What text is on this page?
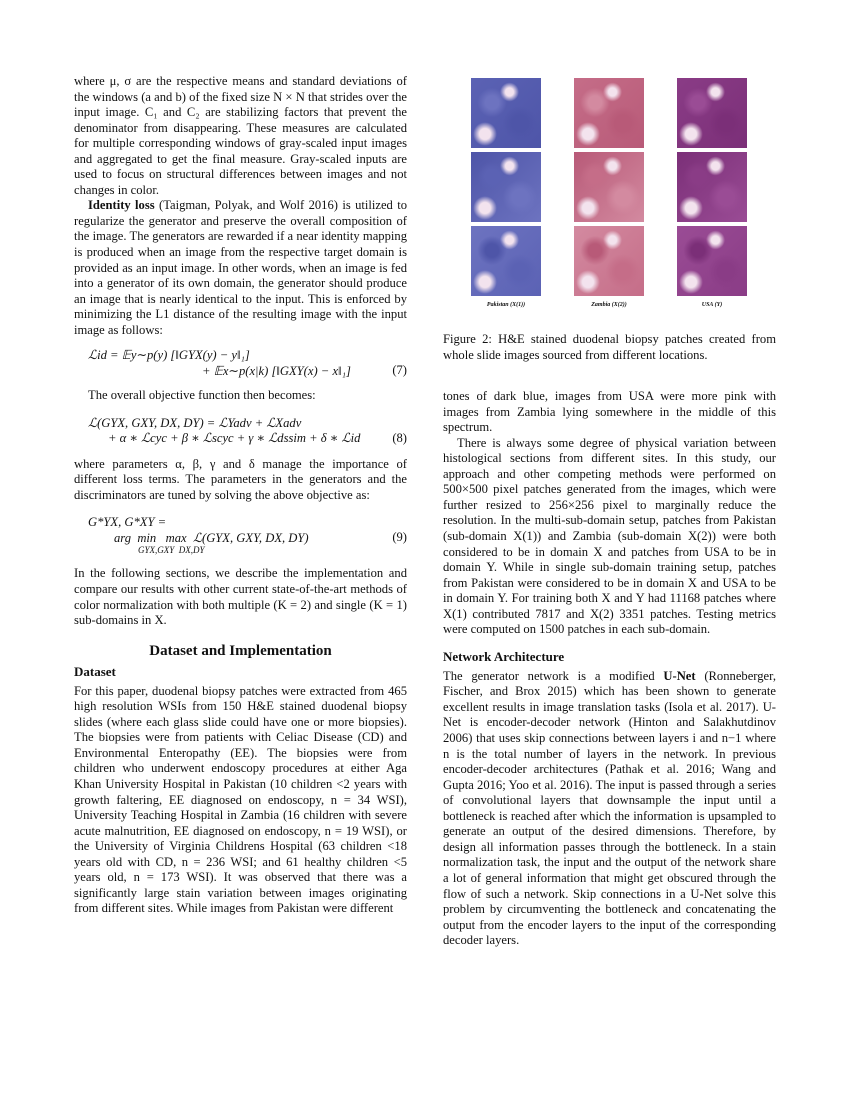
where μ, σ are the respective means and standard deviations of the windows (a and b) of the fixed size N × N that strides over the input image. C₁ and C₂ are stabilizing factors that prevent the denominator from disappearing. These measures are calculated for multiple corresponding windows of gray-scaled input images and aggregated to get the final measure. Gray-scaled inputs are used to focus on structural differences between images and not changes in color.

Identity loss (Taigman, Polyak, and Wolf 2016) is utilized to regularize the generator and preserve the overall composition of the image. The generators are rewarded if a near identity mapping is produced when an image from the respective target domain is provided as an input image. In other words, when an image is fed into a generator of its own domain, the generator should produce an image that is nearly identical to the input. This is enforced by minimizing the L1 distance of the resulting image with the input image as follows:

ℒid = 𝔼y∼p(y) [‖GYX(y) − y‖₁]
+ 𝔼x∼p(x|k) [‖GXY(x) − x‖₁]	(7)

The overall objective function then becomes:

ℒ(GYX, GXY, DX, DY) = ℒYadv + ℒXadv
+ α ∗ ℒcyc + β ∗ ℒscyc + γ ∗ ℒdssim + δ ∗ ℒid	(8)

where parameters α, β, γ and δ manage the importance of different loss terms. The parameters in the generators and the discriminators are tuned by solving the above objective as:

G*YX, G*XY =
arg  min   max  ℒ(GYX, GXY, DX, DY)
GYX,GXY  DX,DY
(9)

In the following sections, we describe the implementation and compare our results with other current state-of-the-art methods of color normalization with both multiple (K = 2) and single (K = 1) sub-domains in X.

Dataset and Implementation
Dataset

For this paper, duodenal biopsy patches were extracted from 465 high resolution WSIs from 150 H&E stained duodenal biopsy slides (where each glass slide could have one or more biopsies). The biopsies were from patients with Celiac Disease (CD) and Environmental Enteropathy (EE). The biopsies were from children who underwent endoscopy procedures at either Aga Khan University Hospital in Pakistan (10 children <2 years with growth faltering, EE diagnosed on endoscopy, n = 34 WSI), University Teaching Hospital in Zambia (16 children with severe acute malnutrition, EE diagnosed on endoscopy, n = 19 WSI), or the University of Virginia Childrens Hospital (63 children <18 years old with CD, n = 236 WSI; and 61 healthy children <5 years old, n = 173 WSI). It was observed that there was a significantly large stain variation between images originating from different sites. While images from Pakistan were different

Pakistan (X(1))	Zambia (X(2))	USA (Y)

Figure 2: H&E stained duodenal biopsy patches created from whole slide images sourced from different locations.

tones of dark blue, images from USA were more pink with images from Zambia lying somewhere in the middle of this spectrum.

There is always some degree of physical variation between histological sections from different sites. In this study, our approach and other competing methods were performed on 500×500 pixel patches generated from the images, which were further resized to 256×256 pixel to marginally reduce the resolution. In the multi-sub-domain setup, patches from Pakistan (sub-domain X(1)) and Zambia (sub-domain X(2)) were both considered to be in domain X and patches from USA to be in domain Y. While in single sub-domain training setup, patches from Pakistan were considered to be in domain X and USA to be in domain Y. For training both X and Y had 11168 patches where X(1) contributed 7817 and X(2) 3351 patches. Testing metrics were computed on 1500 patches in each sub-domain.

Network Architecture

The generator network is a modified U-Net (Ronneberger, Fischer, and Brox 2015) which has been shown to generate excellent results in image translation tasks (Isola et al. 2017). U-Net is encoder-decoder network (Hinton and Salakhutdinov 2006) that uses skip connections between layers i and n−1 where n is the total number of layers in the network. In previous encoder-decoder architectures (Pathak et al. 2016; Wang and Gupta 2016; Yoo et al. 2016). The input is passed through a series of convolutional layers that downsample the input until a bottleneck is reached after which the information is upsampled to generate an output of the desired dimensions. Therefore, by design all information passes through the bottleneck. In a stain normalization task, the input and the output of the network share a lot of general information that might get obscured through the flow of such a network. Skip connections in a U-Net solve this problem by circumventing the bottleneck and concatenating the output from the encoder layers to the input of the corresponding decoder layers.
